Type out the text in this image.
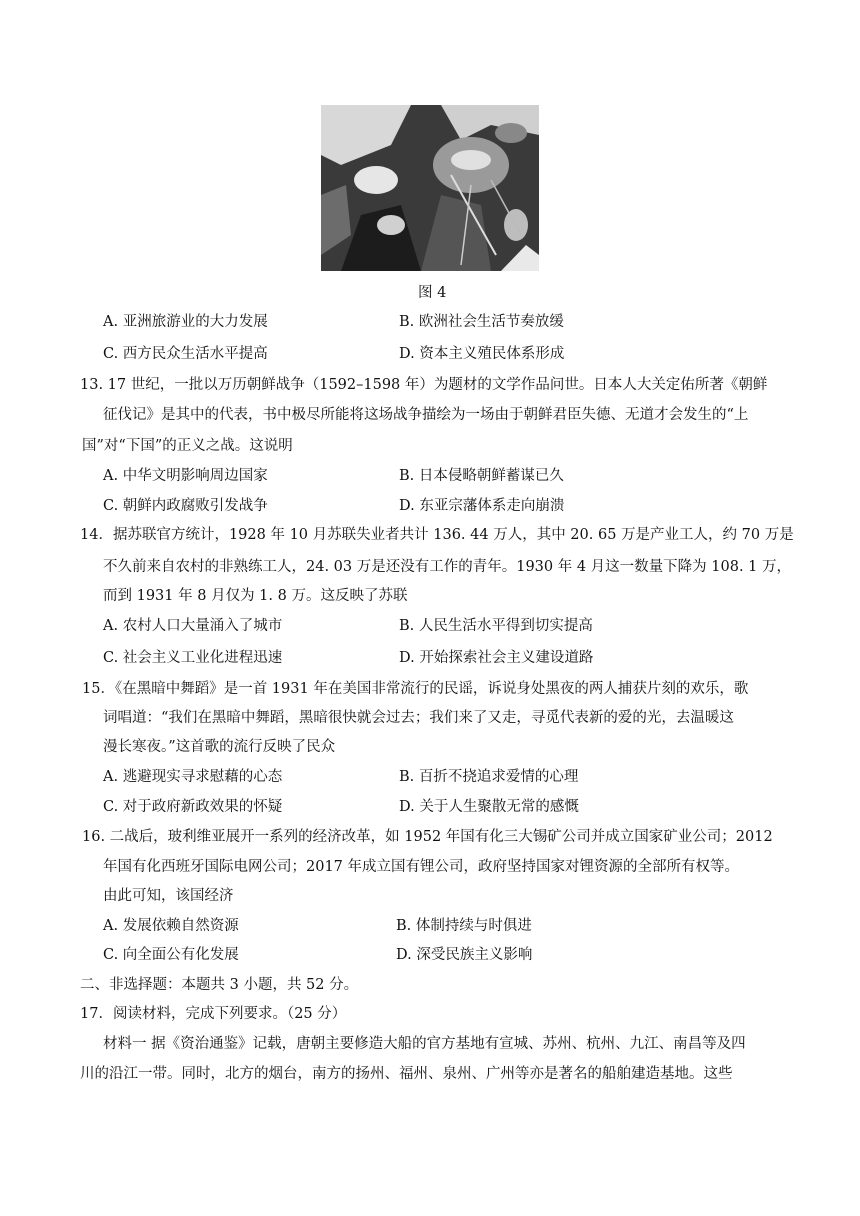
图 4
A. 亚洲旅游业的大力发展	B. 欧洲社会生活节奏放缓
C. 西方民众生活水平提高	D. 资本主义殖民体系形成
13. 17 世纪，一批以万历朝鲜战争（1592–1598 年）为题材的文学作品问世。日本人大关定佑所著《朝鲜
征伐记》是其中的代表，书中极尽所能将这场战争描绘为一场由于朝鲜君臣失德、无道才会发生的“上
国”对“下国”的正义之战。这说明
A. 中华文明影响周边国家	B. 日本侵略朝鲜蓄谋已久
C. 朝鲜内政腐败引发战争	D. 东亚宗藩体系走向崩溃
14．据苏联官方统计，1928 年 10 月苏联失业者共计 136. 44 万人，其中 20. 65 万是产业工人，约 70 万是
不久前来自农村的非熟练工人，24. 03 万是还没有工作的青年。1930 年 4 月这一数量下降为 108. 1 万，
而到 1931 年 8 月仅为 1. 8 万。这反映了苏联
A. 农村人口大量涌入了城市	B. 人民生活水平得到切实提高
C. 社会主义工业化进程迅速	D. 开始探索社会主义建设道路
15．《在黑暗中舞蹈》是一首 1931 年在美国非常流行的民谣，诉说身处黑夜的两人捕获片刻的欢乐，歌
词唱道：“我们在黑暗中舞蹈，黑暗很快就会过去；我们来了又走，寻觅代表新的爱的光，去温暖这
漫长寒夜。”这首歌的流行反映了民众
A. 逃避现实寻求慰藉的心态	B. 百折不挠追求爱情的心理
C. 对于政府新政效果的怀疑	D. 关于人生聚散无常的感慨
16. 二战后，玻利维亚展开一系列的经济改革，如 1952 年国有化三大锡矿公司并成立国家矿业公司；2012
年国有化西班牙国际电网公司；2017 年成立国有锂公司，政府坚持国家对锂资源的全部所有权等。
由此可知，该国经济
A. 发展依赖自然资源	B. 体制持续与时俱进
C. 向全面公有化发展	D. 深受民族主义影响
二、非选择题：本题共 3 小题，共 52 分。
17．阅读材料，完成下列要求。（25 分）
材料一 据《资治通鉴》记载，唐朝主要修造大船的官方基地有宣城、苏州、杭州、九江、南昌等及四
川的沿江一带。同时，北方的烟台，南方的扬州、福州、泉州、广州等亦是著名的船舶建造基地。这些
